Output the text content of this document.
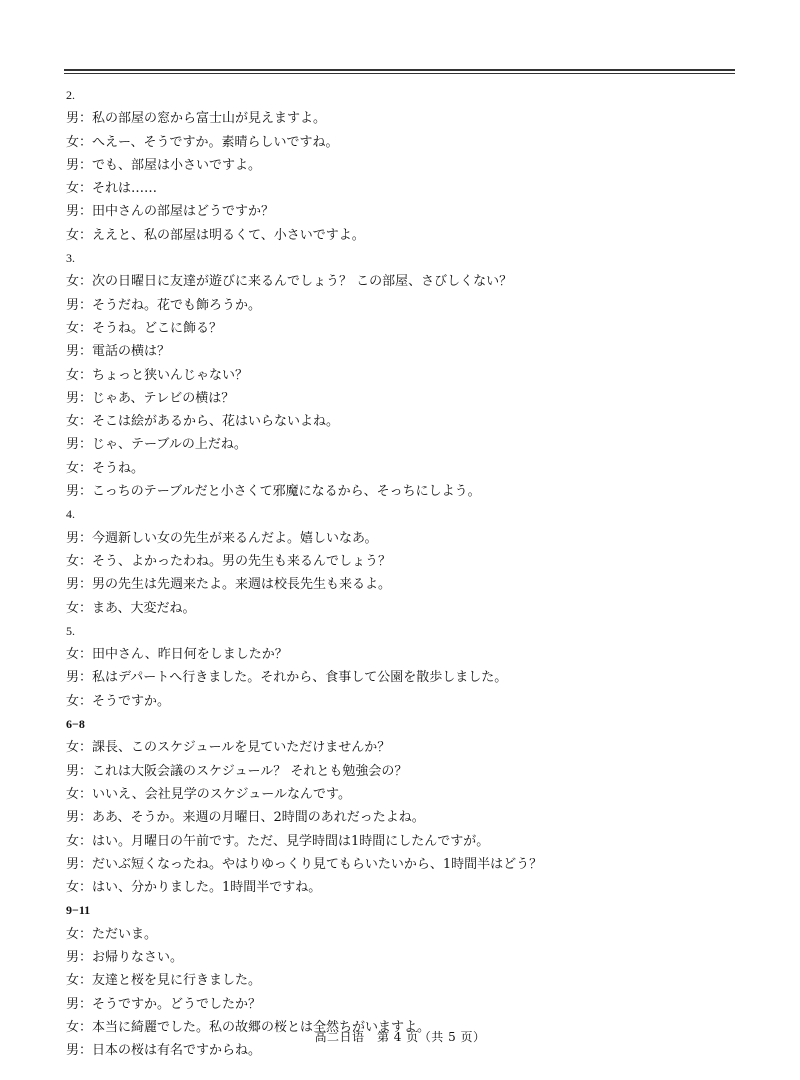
2.
男：私の部屋の窓から富士山が見えますよ。
女：へえー、そうですか。素晴らしいですね。
男：でも、部屋は小さいですよ。
女：それは……
男：田中さんの部屋はどうですか？
女：ええと、私の部屋は明るくて、小さいですよ。
3.
女：次の日曜日に友達が遊びに来るんでしょう？ この部屋、さびしくない？
男：そうだね。花でも飾ろうか。
女：そうね。どこに飾る？
男：電話の横は？
女：ちょっと狭いんじゃない？
男：じゃあ、テレビの横は？
女：そこは絵があるから、花はいらないよね。
男：じゃ、テーブルの上だね。
女：そうね。
男：こっちのテーブルだと小さくて邪魔になるから、そっちにしよう。
4.
男：今週新しい女の先生が来るんだよ。嬉しいなあ。
女：そう、よかったわね。男の先生も来るんでしょう？
男：男の先生は先週来たよ。来週は校長先生も来るよ。
女：まあ、大変だね。
5.
女：田中さん、昨日何をしましたか？
男：私はデパートへ行きました。それから、食事して公園を散歩しました。
女：そうですか。
6−8
女：課長、このスケジュールを見ていただけませんか？
男：これは大阪会議のスケジュール？ それとも勉強会の？
女：いいえ、会社見学のスケジュールなんです。
男：ああ、そうか。来週の月曜日、2時間のあれだったよね。
女：はい。月曜日の午前です。ただ、見学時間は1時間にしたんですが。
男：だいぶ短くなったね。やはりゆっくり見てもらいたいから、1時間半はどう？
女：はい、分かりました。1時間半ですね。
9−11
女：ただいま。
男：お帰りなさい。
女：友達と桜を見に行きました。
男：そうですか。どうでしたか？
女：本当に綺麗でした。私の故郷の桜とは全然ちがいますよ。
男：日本の桜は有名ですからね。
高二日语　第 4 页（共 5 页）
